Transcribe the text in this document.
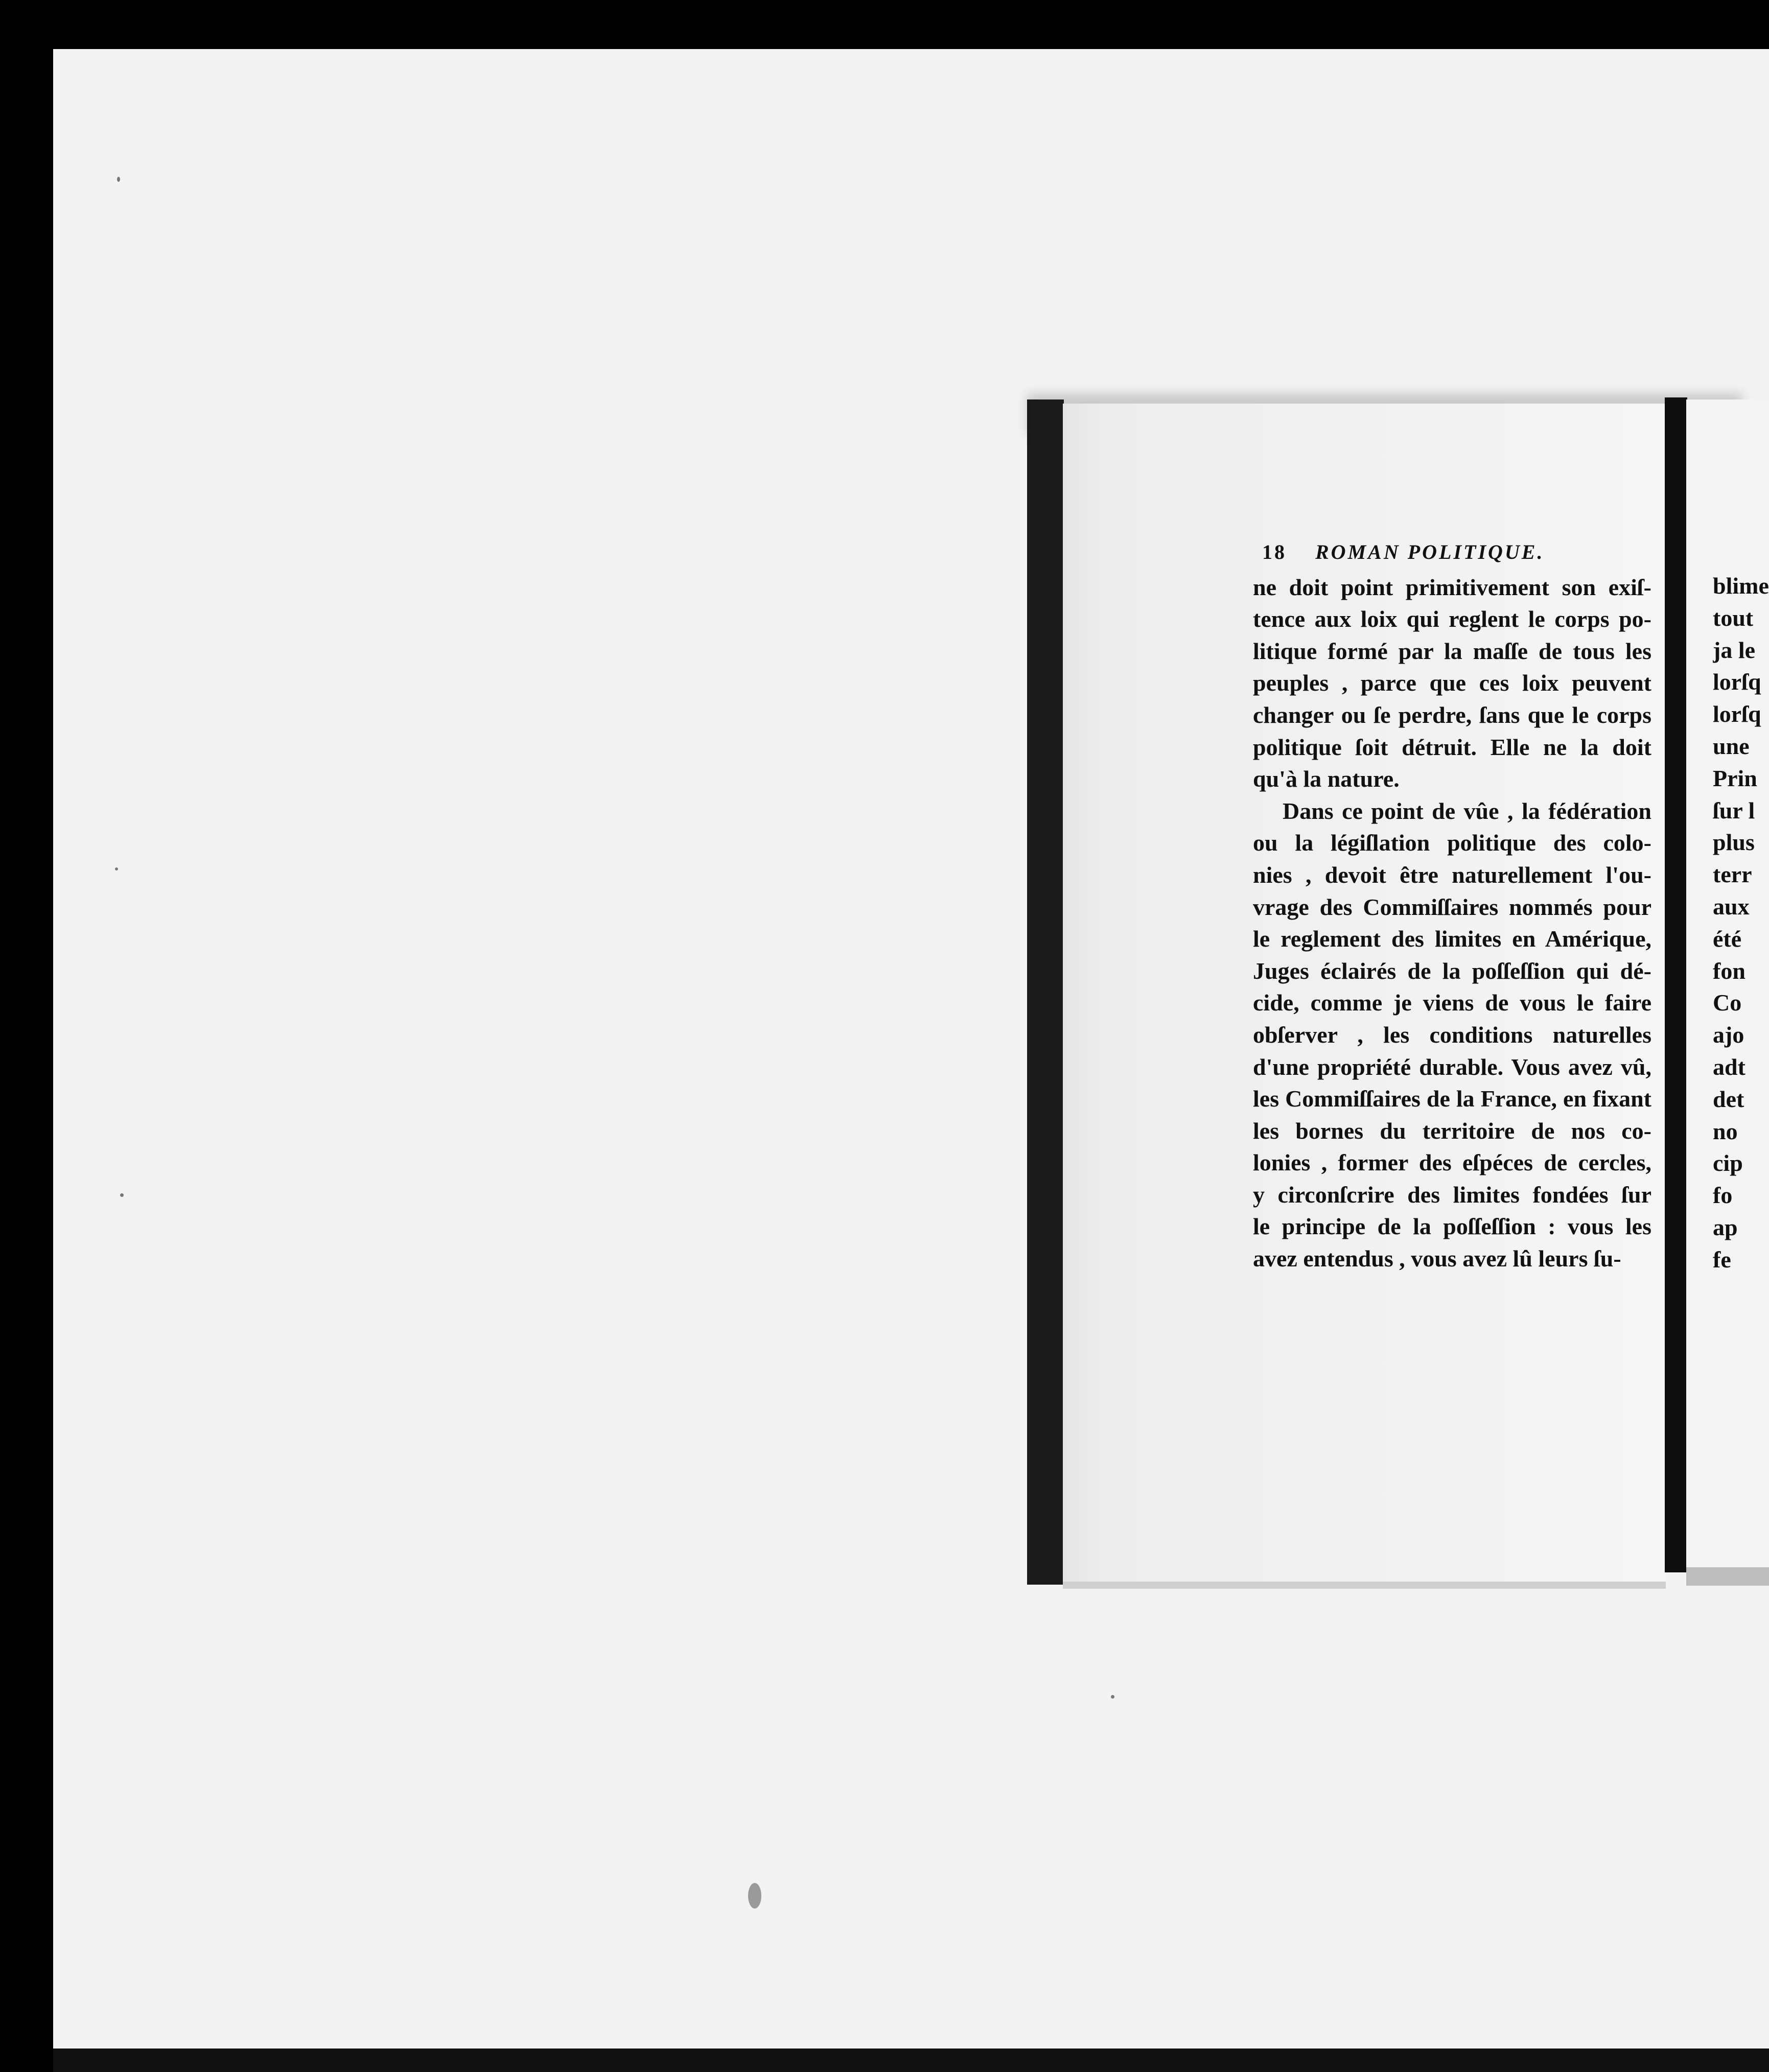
18 ROMAN POLITIQUE.
ne doit point primitivement son exiſ-
tence aux loix qui reglent le corps po-
litique formé par la maſſe de tous les
peuples , parce que ces loix peuvent
changer ou ſe perdre, ſans que le corps
politique ſoit détruit. Elle ne la doit
qu'à la nature.
Dans ce point de vûe , la fédération
ou la légiſlation politique des colo-
nies , devoit être naturellement l'ou-
vrage des Commiſſaires nommés pour
le reglement des limites en Amérique,
Juges éclairés de la poſſeſſion qui dé-
cide, comme je viens de vous le faire
obſerver , les conditions naturelles
d'une propriété durable. Vous avez vû,
les Commiſſaires de la France, en fixant
les bornes du territoire de nos co-
lonies , former des eſpéces de cercles,
y circonſcrire des limites fondées ſur
le principe de la poſſeſſion : vous les
avez entendus , vous avez lû leurs ſu-
blime
tout
ja le
lorſq
lorſq
une
Prin
ſur l
plus
terr
aux
été
fon
Co
ajo
adt
det
no
cip
fo
ap
fe
